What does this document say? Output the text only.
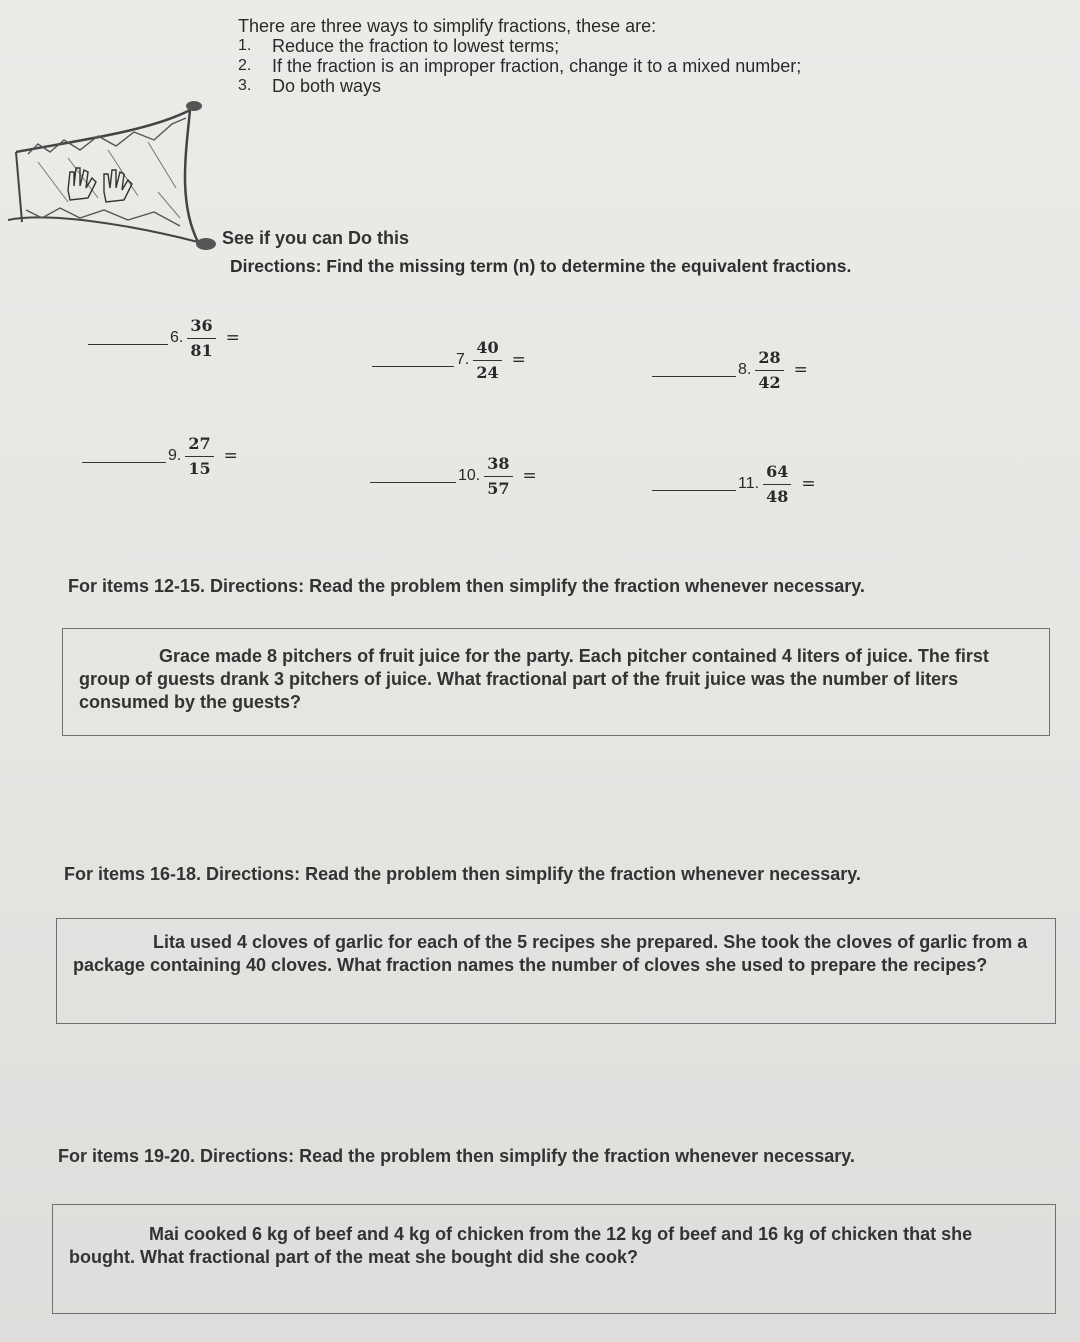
There are three ways to simplify fractions, these are:

1.	Reduce the fraction to lowest terms;
2.	If the fraction is an improper fraction, change it to a mixed number;
3.	Do both ways
See if you can Do this
Directions: Find the missing term (n) to determine the equivalent fractions.
6. $\frac{36}{81}$ =
7. $\frac{40}{24}$ =	8. $\frac{28}{42}$ =
9. $\frac{27}{15}$ =
10. $\frac{38}{57}$ =	11. $\frac{64}{48}$ =
For items 12-15. Directions: Read the problem then simplify the fraction whenever necessary.

Grace made 8 pitchers of fruit juice for the party. Each pitcher contained 4 liters of juice. The first group of guests drank 3 pitchers of juice. What fractional part of the fruit juice was the number of liters consumed by the guests?

For items 16-18. Directions: Read the problem then simplify the fraction whenever necessary.

Lita used 4 cloves of garlic for each of the 5 recipes she prepared. She took the cloves of garlic from a package containing 40 cloves. What fraction names the number of cloves she used to prepare the recipes?

For items 19-20. Directions: Read the problem then simplify the fraction whenever necessary.

Mai cooked 6 kg of beef and 4 kg of chicken from the 12 kg of beef and 16 kg of chicken that she bought. What fractional part of the meat she bought did she cook?
